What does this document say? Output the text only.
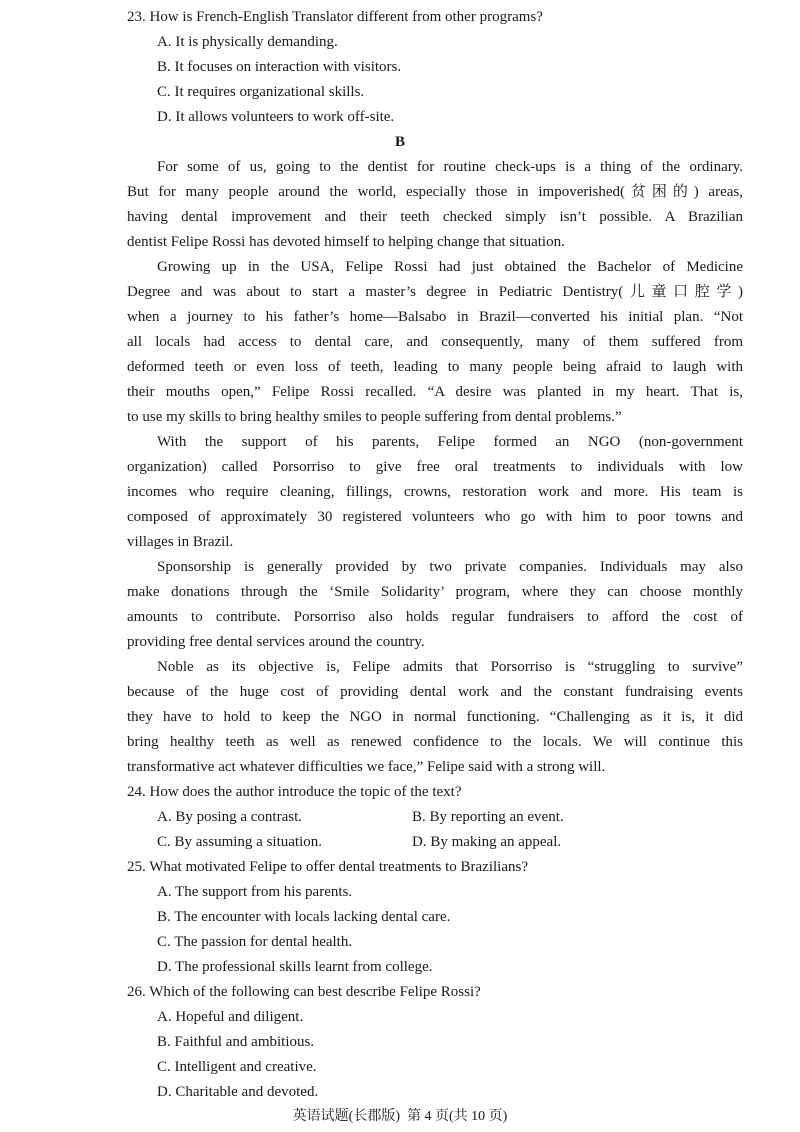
23. How is French-English Translator different from other programs?
A. It is physically demanding.
B. It focuses on interaction with visitors.
C. It requires organizational skills.
D. It allows volunteers to work off-site.
B
For some of us, going to the dentist for routine check-ups is a thing of the ordinary.
But for many people around the world, especially those in impoverished(贫困的) areas,
having dental improvement and their teeth checked simply isn’t possible. A Brazilian
dentist Felipe Rossi has devoted himself to helping change that situation.
Growing up in the USA, Felipe Rossi had just obtained the Bachelor of Medicine
Degree and was about to start a master’s degree in Pediatric Dentistry(儿童口腔学)
when a journey to his father’s home—Balsabo in Brazil—converted his initial plan. “Not
all locals had access to dental care, and consequently, many of them suffered from
deformed teeth or even loss of teeth, leading to many people being afraid to laugh with
their mouths open,” Felipe Rossi recalled. “A desire was planted in my heart. That is,
to use my skills to bring healthy smiles to people suffering from dental problems.”
With the support of his parents, Felipe formed an NGO (non-government
organization) called Porsorriso to give free oral treatments to individuals with low
incomes who require cleaning, fillings, crowns, restoration work and more. His team is
composed of approximately 30 registered volunteers who go with him to poor towns and
villages in Brazil.
Sponsorship is generally provided by two private companies. Individuals may also
make donations through the ‘Smile Solidarity’ program, where they can choose monthly
amounts to contribute. Porsorriso also holds regular fundraisers to afford the cost of
providing free dental services around the country.
Noble as its objective is, Felipe admits that Porsorriso is “struggling to survive”
because of the huge cost of providing dental work and the constant fundraising events
they have to hold to keep the NGO in normal functioning. “Challenging as it is, it did
bring healthy teeth as well as renewed confidence to the locals. We will continue this
transformative act whatever difficulties we face,” Felipe said with a strong will.
24. How does the author introduce the topic of the text?
A. By posing a contrast.	B. By reporting an event.
C. By assuming a situation.	D. By making an appeal.
25. What motivated Felipe to offer dental treatments to Brazilians?
A. The support from his parents.
B. The encounter with locals lacking dental care.
C. The passion for dental health.
D. The professional skills learnt from college.
26. Which of the following can best describe Felipe Rossi?
A. Hopeful and diligent.
B. Faithful and ambitious.
C. Intelligent and creative.
D. Charitable and devoted.
英语试题(长郡版)  第 4 页(共 10 页)
